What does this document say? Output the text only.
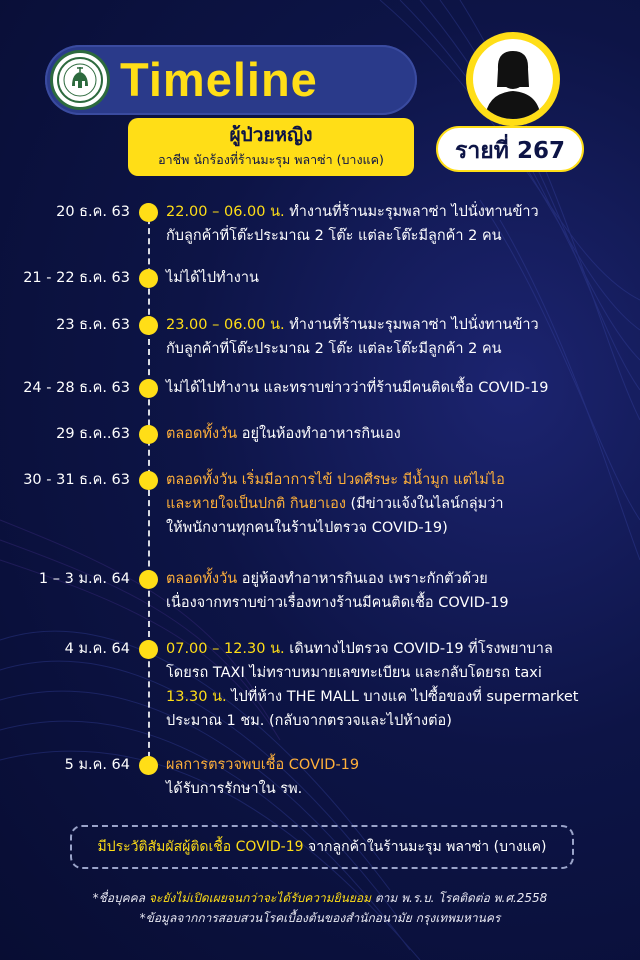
Timeline
ผู้ป่วยหญิง
อาชีพ นักร้องที่ร้านมะรุม พลาซ่า (บางแค)	รายที่ 267
20 ธ.ค. 63 22.00 – 06.00 น. ทำงานที่ร้านมะรุมพลาซ่า ไปนั่งทานข้าว
กับลูกค้าที่โต๊ะประมาณ 2 โต๊ะ แต่ละโต๊ะมีลูกค้า 2 คน
21 - 22 ธ.ค. 63 ไม่ได้ไปทำงาน
23 ธ.ค. 63 23.00 – 06.00 น. ทำงานที่ร้านมะรุมพลาซ่า ไปนั่งทานข้าว
กับลูกค้าที่โต๊ะประมาณ 2 โต๊ะ แต่ละโต๊ะมีลูกค้า 2 คน
24 - 28 ธ.ค. 63 ไม่ได้ไปทำงาน และทราบข่าวว่าที่ร้านมีคนติดเชื้อ COVID-19
29 ธ.ค..63 ตลอดทั้งวัน อยู่ในห้องทำอาหารกินเอง
30 - 31 ธ.ค. 63 ตลอดทั้งวัน เริ่มมีอาการไข้ ปวดศีรษะ มีน้ำมูก แต่ไม่ไอ
และหายใจเป็นปกติ กินยาเอง (มีข่าวแจ้งในไลน์กลุ่มว่า
ให้พนักงานทุกคนในร้านไปตรวจ COVID-19)
1 – 3 ม.ค. 64 ตลอดทั้งวัน อยู่ห้องทำอาหารกินเอง เพราะกักตัวด้วย
เนื่องจากทราบข่าวเรื่องทางร้านมีคนติดเชื้อ COVID-19
4 ม.ค. 64 07.00 – 12.30 น. เดินทางไปตรวจ COVID-19 ที่โรงพยาบาล
โดยรถ TAXI ไม่ทราบหมายเลขทะเบียน และกลับโดยรถ taxi
13.30 น. ไปที่ห้าง THE MALL บางแค ไปซื้อของที่ supermarket
ประมาณ 1 ชม. (กลับจากตรวจและไปห้างต่อ)
5 ม.ค. 64 ผลการตรวจพบเชื้อ COVID-19
ได้รับการรักษาใน รพ.
มีประวัติสัมผัสผู้ติดเชื้อ COVID-19 จากลูกค้าในร้านมะรุม พลาซ่า (บางแค)
*ชื่อบุคคล จะยังไม่เปิดเผยจนกว่าจะได้รับความยินยอม ตาม พ.ร.บ. โรคติดต่อ พ.ศ.2558
*ข้อมูลจากการสอบสวนโรคเบื้องต้นของสำนักอนามัย กรุงเทพมหานคร
